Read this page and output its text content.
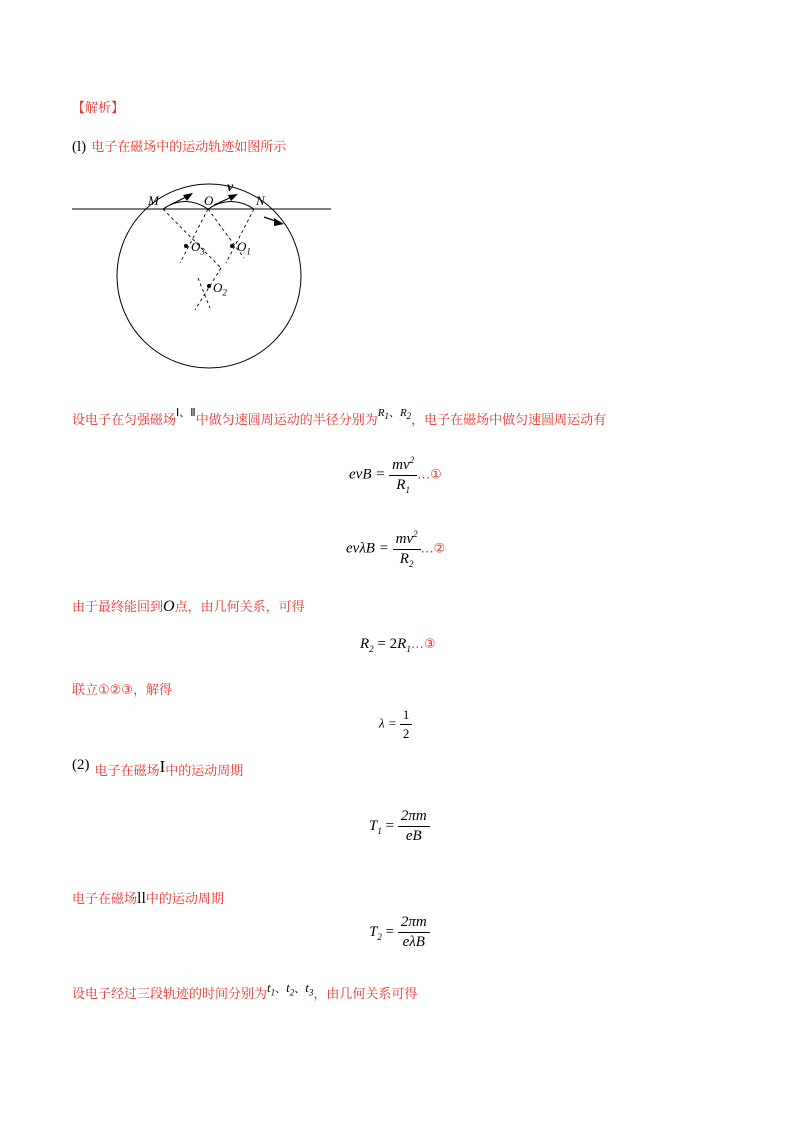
【解析】
(l) 电子在磁场中的运动轨迹如图所示
M	O	N
v
$O_3$ $O_1$
$O_2$
设电子在匀强磁场$^{Ⅰ、Ⅱ}$中做匀速圆周运动的半径分别为$^{R_1、R_2}$，电子在磁场中做匀速圆周运动有
evB = $\frac{mv^2}{R_1}$ …①
$ev\lambda B = \frac{mv^2}{R_2}$ …②
由于最终能回到O点，由几何关系，可得
$R_2$ = $2R_1\dots ③$
联立①②③，解得
$\lambda = \frac{1}{2}$
(2) 电子在磁场I中的运动周期
$T_1 = \frac{2\pi m}{eB}$
电子在磁场ll中的运动周期
$T_2 = \frac{2\pi m}{\text{eλB}}$
设电子经过三段轨迹的时间分别为$^{t_1、t_2、t_3}$，由几何关系可得
